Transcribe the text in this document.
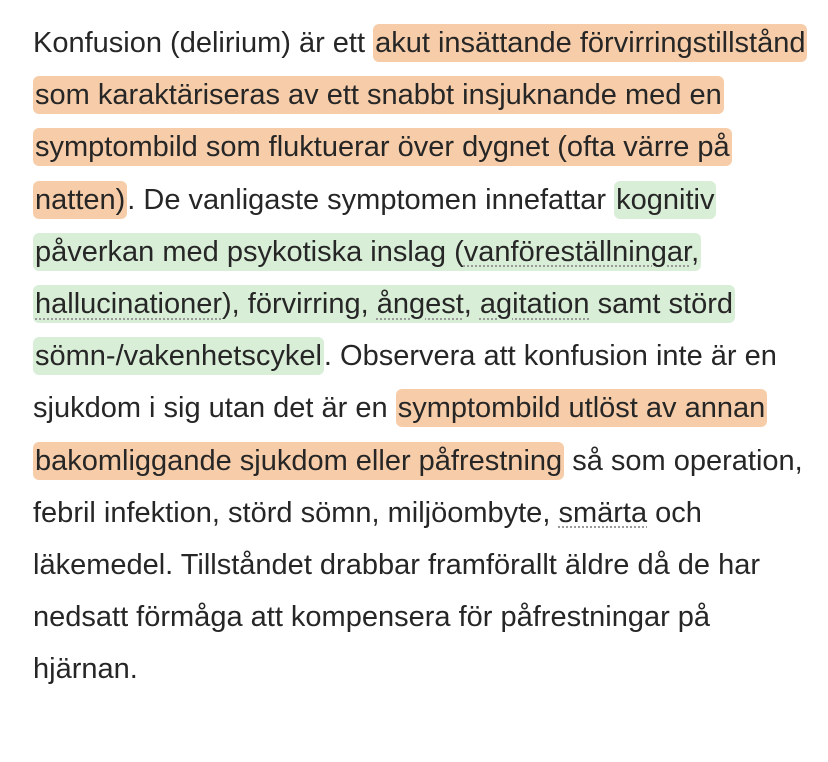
Konfusion (delirium) är ett akut insättande förvirringstillstånd som karaktäriseras av ett snabbt insjuknande med en symptombild som fluktuerar över dygnet (ofta värre på natten). De vanligaste symptomen innefattar kognitiv påverkan med psykotiska inslag (vanföreställningar, hallucinationer), förvirring, ångest, agitation samt störd sömn-/vakenhetscykel. Observera att konfusion inte är en sjukdom i sig utan det är en symptombild utlöst av annan bakomliggande sjukdom eller påfrestning så som operation, febril infektion, störd sömn, miljöombyte, smärta och läkemedel. Tillståndet drabbar framförallt äldre då de har nedsatt förmåga att kompensera för påfrestningar på hjärnan.
